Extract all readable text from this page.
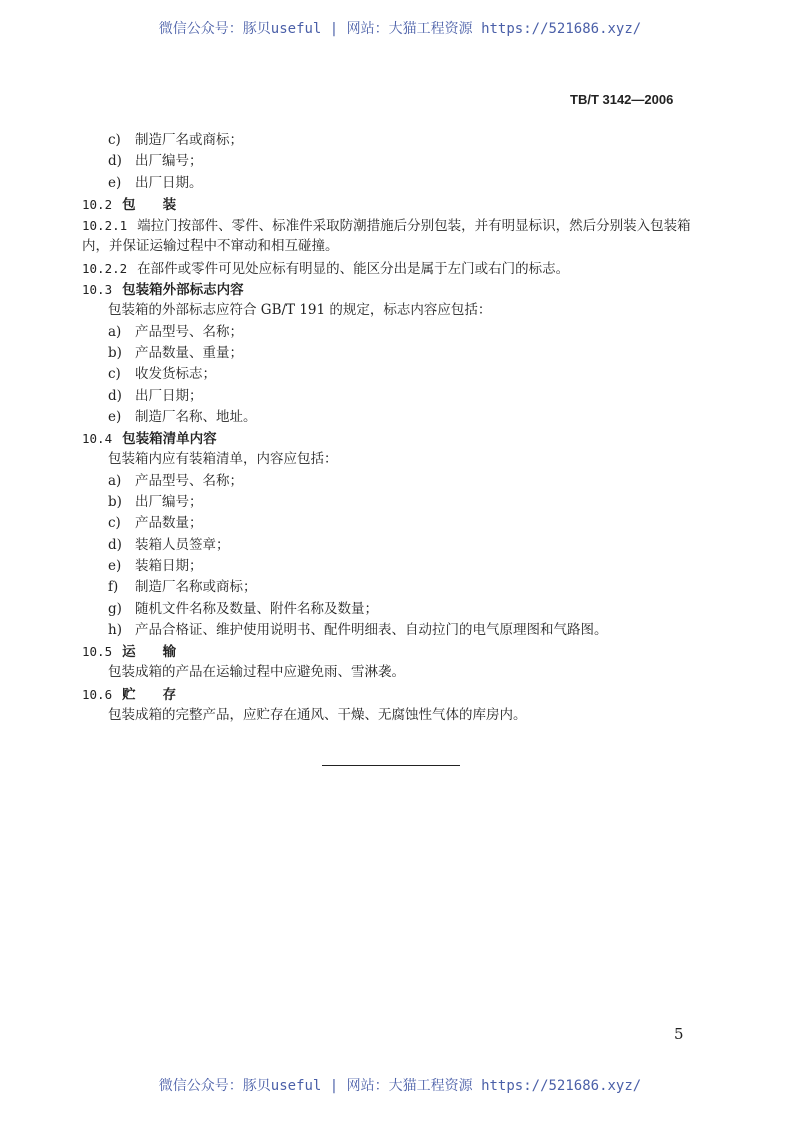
微信公众号：豚贝useful | 网站：大猫工程资源 https://521686.xyz/
TB/T 3142—2006
c) 制造厂名或商标；
d) 出厂编号；
e) 出厂日期。
10.2 包　　装
10.2.1 端拉门按部件、零件、标准件采取防潮措施后分别包装，并有明显标识，然后分别装入包装箱
内，并保证运输过程中不窜动和相互碰撞。
10.2.2 在部件或零件可见处应标有明显的、能区分出是属于左门或右门的标志。
10.3 包装箱外部标志内容
包装箱的外部标志应符合 GB/T 191 的规定，标志内容应包括：
a) 产品型号、名称；
b) 产品数量、重量；
c) 收发货标志；
d) 出厂日期；
e) 制造厂名称、地址。
10.4 包装箱清单内容
包装箱内应有装箱清单，内容应包括：
a) 产品型号、名称；
b) 出厂编号；
c) 产品数量；
d) 装箱人员签章；
e) 装箱日期；
f) 制造厂名称或商标；
g) 随机文件名称及数量、附件名称及数量；
h) 产品合格证、维护使用说明书、配件明细表、自动拉门的电气原理图和气路图。
10.5 运　　输
包装成箱的产品在运输过程中应避免雨、雪淋袭。
10.6 贮　　存
包装成箱的完整产品，应贮存在通风、干燥、无腐蚀性气体的库房内。
5
微信公众号：豚贝useful | 网站：大猫工程资源 https://521686.xyz/
